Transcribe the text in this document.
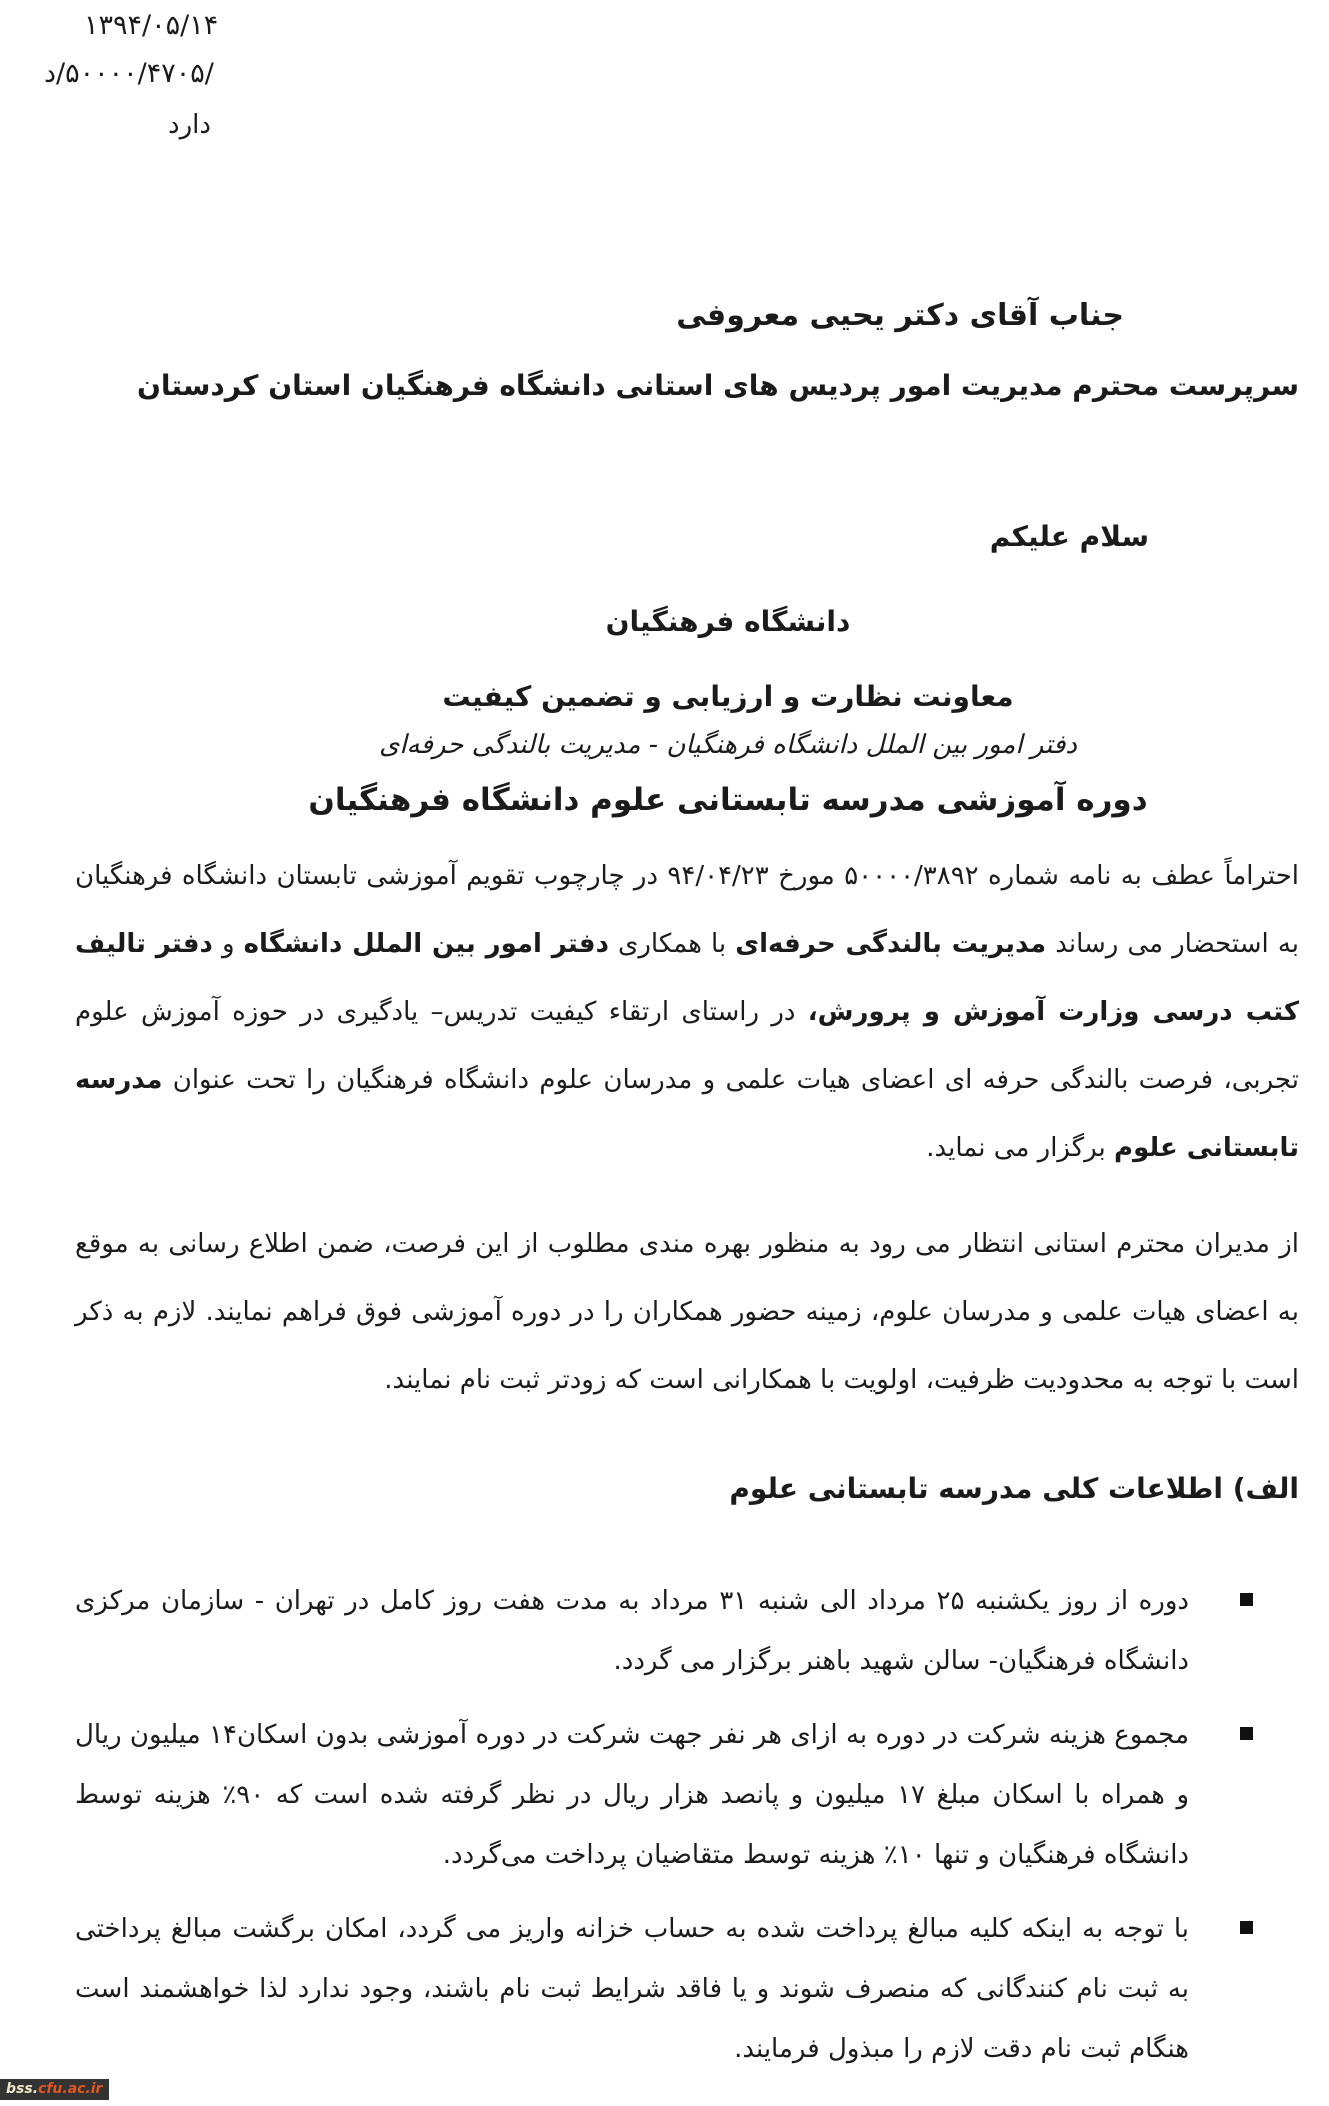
۱۳۹۴/۰۵/۱۴
/۵۰۰۰۰/۴۷۰۵/د
دارد
جناب آقای دکتر یحیی معروفی
سرپرست محترم مدیریت امور پردیس های استانی دانشگاه فرهنگیان استان کردستان
سلام علیکم
دانشگاه فرهنگیان
معاونت نظارت و ارزیابی و تضمین کیفیت
دفتر امور بین الملل دانشگاه فرهنگیان - مدیریت بالندگی حرفه‌ای
دوره آموزشی مدرسه تابستانی علوم دانشگاه فرهنگیان

احتراماً عطف به نامه شماره ۵۰۰۰۰/۳۸۹۲ مورخ ۹۴/۰۴/۲۳ در چارچوب تقویم آموزشی تابستان دانشگاه فرهنگیان به استحضار می رساند مدیریت بالندگی حرفه‌ای با همکاری دفتر امور بین الملل دانشگاه و دفتر تالیف کتب درسی وزارت آموزش و پرورش، در راستای ارتقاء کیفیت تدریس– یادگیری در حوزه آموزش علوم تجربی، فرصت بالندگی حرفه ای اعضای هیات علمی و مدرسان علوم دانشگاه فرهنگیان را تحت عنوان مدرسه تابستانی علوم برگزار می نماید.

از مدیران محترم استانی انتظار می رود به منظور بهره مندی مطلوب از این فرصت، ضمن اطلاع رسانی به موقع به اعضای هیات علمی و مدرسان علوم، زمینه حضور همکاران را در دوره آموزشی فوق فراهم نمایند. لازم به ذکر است با توجه به محدودیت ظرفیت، اولویت با همکارانی است که زودتر ثبت نام نمایند.

الف) اطلاعات کلی مدرسه تابستانی علوم
دوره از روز یکشنبه ۲۵ مرداد الی شنبه ۳۱ مرداد به مدت هفت روز کامل در تهران - سازمان مرکزی دانشگاه فرهنگیان- سالن شهید باهنر برگزار می گردد.
مجموع هزینه شرکت در دوره به ازای هر نفر جهت شرکت در دوره آموزشی بدون اسکان۱۴ میلیون ریال و همراه با اسکان مبلغ ۱۷ میلیون و پانصد هزار ریال در نظر گرفته شده است که ٪۹۰ هزینه توسط دانشگاه فرهنگیان و تنها ٪۱۰ هزینه توسط متقاضیان پرداخت می‌گردد.
با توجه به اینکه کلیه مبالغ پرداخت شده به حساب خزانه واریز می گردد، امکان برگشت مبالغ پرداختی به ثبت نام کنندگانی که منصرف شوند و یا فاقد شرایط ثبت نام باشند، وجود ندارد لذا خواهشمند است هنگام ثبت نام دقت لازم را مبذول فرمایند.
bss.cfu.ac.ir
